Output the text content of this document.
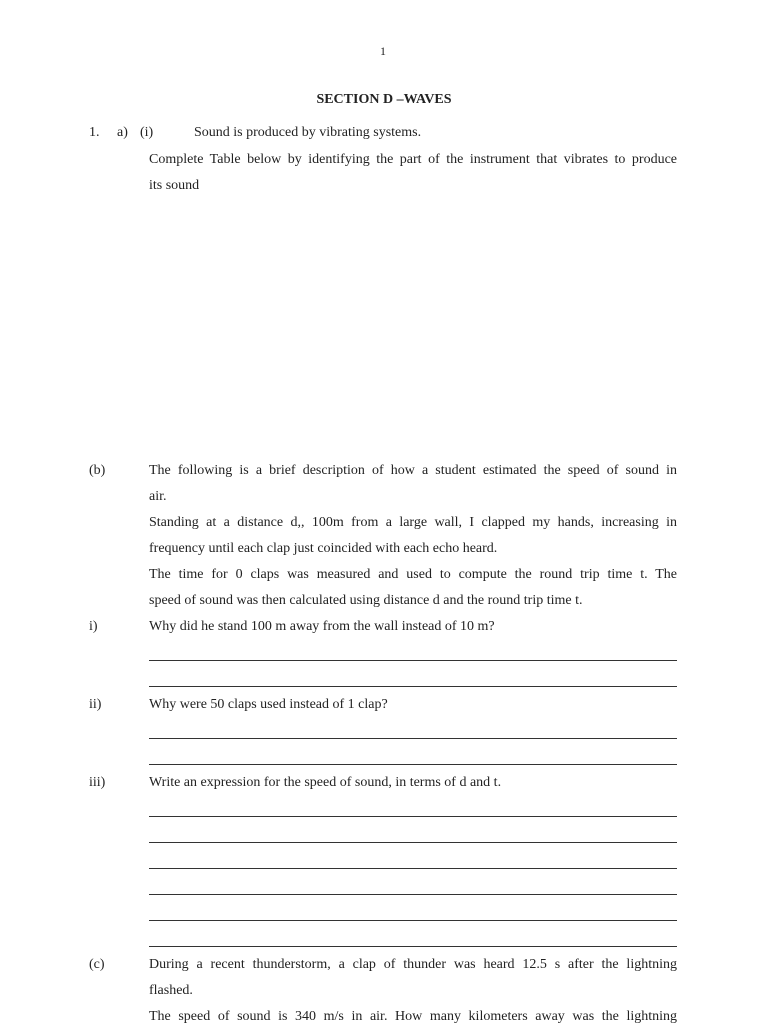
1
SECTION D –WAVES
1. a) (i)	Sound is produced by vibrating systems.
Complete Table below by identifying the part of the instrument that vibrates to produce
its sound
(b)	The following is a brief description of how a student estimated the speed of sound in
air.
Standing at a distance d,, 100m from a large wall, I clapped my hands, increasing in
frequency until each clap just coincided with each echo heard.
The time for 0 claps was measured and used to compute the round trip time t. The
speed of sound was then calculated using distance d and the round trip time t.
i)	Why did he stand 100 m away from the wall instead of 10 m?
ii)	Why were 50 claps used instead of 1 clap?
iii)	Write an expression for the speed of sound, in terms of d and t.
(c)	During a recent thunderstorm, a clap of thunder was heard 12.5 s after the lightning
flashed.
The speed of sound is 340 m/s in air. How many kilometers away was the lightning
